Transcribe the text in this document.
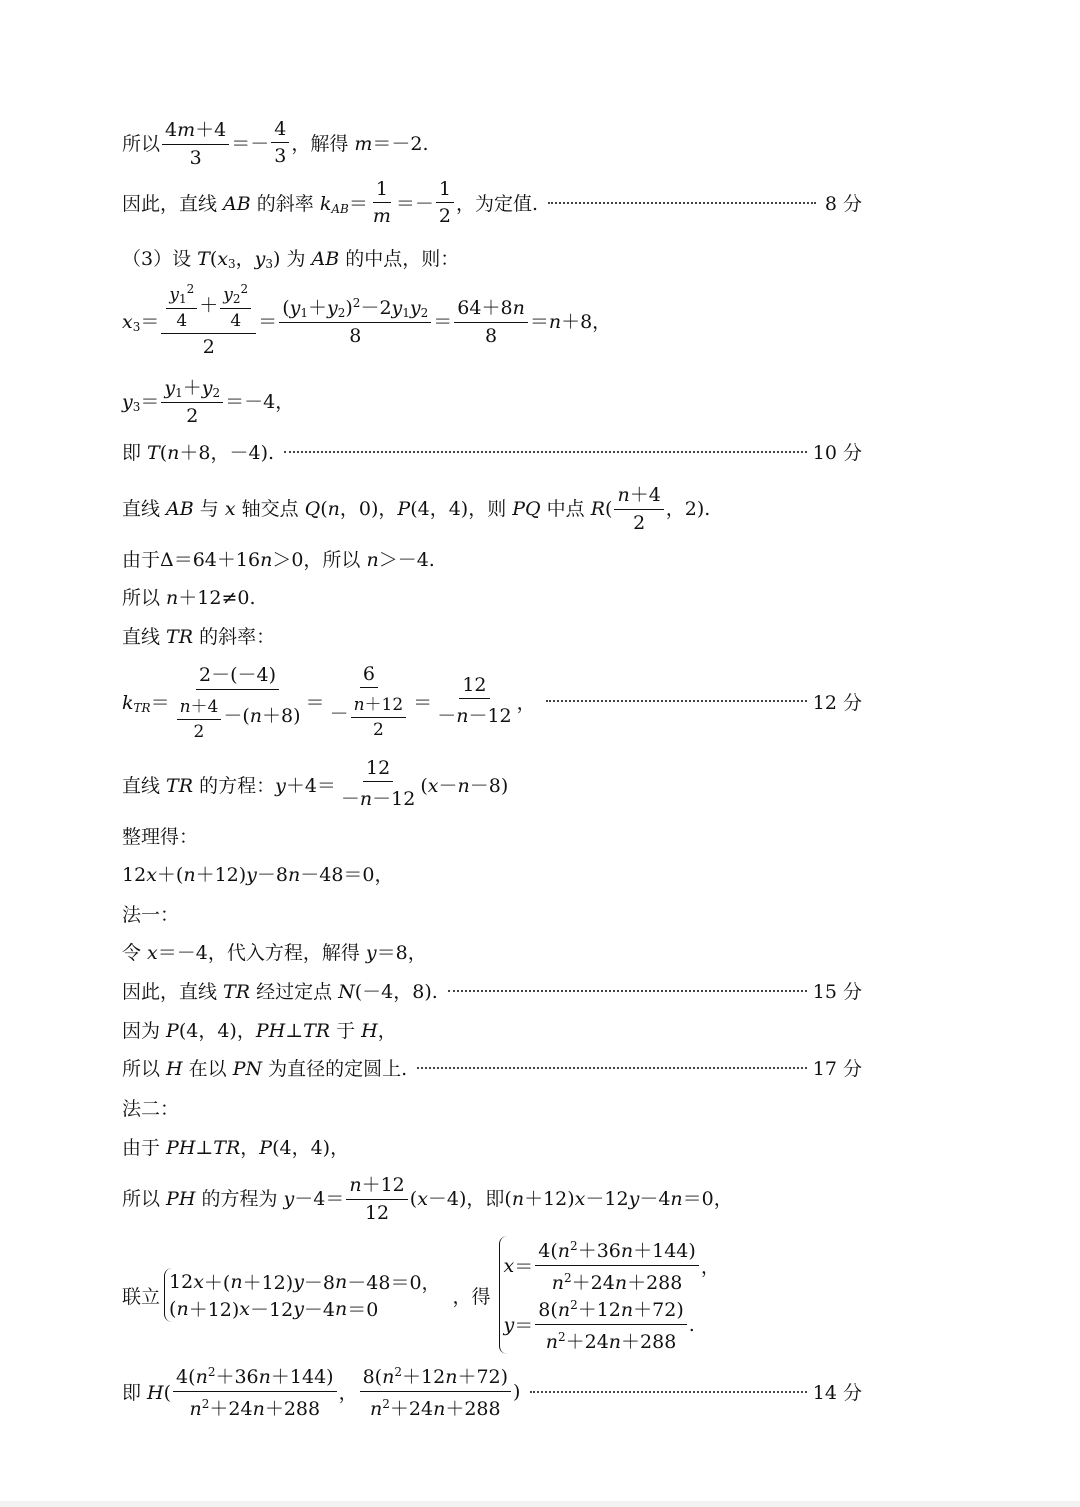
所以 $\frac{4m+4}{3} =- \frac{4}{3}$ ，解得 m＝－2.
因此，直线 AB 的斜率 $k_{AB}= \frac{1}{m} =- \frac{1}{2}$ ，为定值.	8 分
（3）设 $T(x_3$，$y_3$) 为 AB 的中点，则：
$x_3= \frac{\frac{y_1^2}{4} + \frac{y_2^2}{4}}{2} = \frac{(y_1+y_2)^2-2y_1y_2}{8} = \frac{64+8n}{8} =n+8$，
$y_3= \frac{y_1+y_2}{2} =-4$，
即 T(n＋8，－4).	10 分
直线 AB 与 x 轴交点 Q(n，0)，P(4，4)，则 PQ 中点 $R( \frac{n+4}{2}$ ，2).
由于Δ＝64＋16n＞0，所以 n＞－4.
所以 n＋12≠0.
直线 TR 的斜率：
$k_{TR}= \frac{2-(-4)}{\frac{n+4}{2} -(n+8)} = \frac{6}{- \frac{n+12}{2}} = \frac{12}{-n-12}$ ，	12 分
直线 TR 的方程：$y+4= \frac{12}{-n-12} (x-n-8)$
整理得：
12x＋(n＋12)y－8n－48＝0，
法一：
令 x＝－4，代入方程，解得 y＝8，
因此，直线 TR 经过定点 N(－4，8).	15 分
因为 P(4，4)，PH⊥TR 于 H，
所以 H 在以 PN 为直径的定圆上.	17 分
法二：
由于 PH⊥TR，P(4，4)，
所以 PH 的方程为 $y-4= \frac{n+12}{12} (x-4)$，即(n＋12)x－12y－4n＝0，
联立
12 x ＋( n ＋12) y －8 n －48＝0，
( n ＋12) x －12 y －4 n ＝0
，得
$x = \frac{4(n^2+36n+144)}{n^2+24n+288}$ ，
$y = \frac{8(n^2+12n+72)}{n^2+24n+288}$ .
即 $H( \frac{4(n^2+36n+144)}{n^2+24n+288}$ ， $\frac{8(n^2+12n+72)}{n^2+24n+288}$ )	14 分
